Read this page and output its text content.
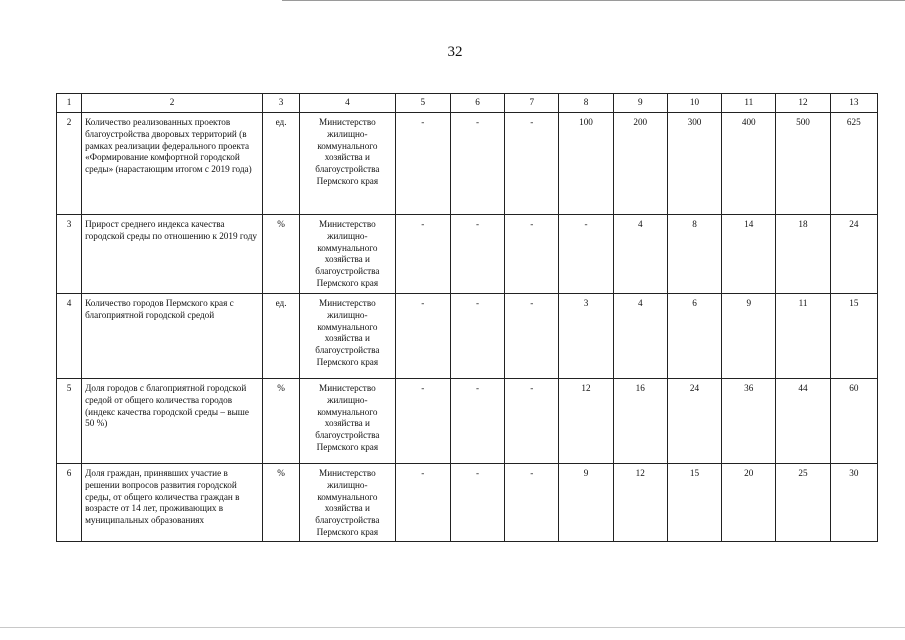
32
1	2	3	4	5	6	7	8	9	10	11	12	13
2	Количество реализованных проектов благоустройства дворовых территорий (в рамках реализации федерального проекта «Формирование комфортной городской среды» (нарастающим итогом с 2019 года)	ед.	Министерство жилищно-коммунального хозяйства и благоустройства Пермского края	-	-	-	100	200	300	400	500	625
3	Прирост среднего индекса качества городской среды по отношению к 2019 году	%	Министерство жилищно-коммунального хозяйства и благоустройства Пермского края	-	-	-	-	4	8	14	18	24
4	Количество городов Пермского края с благоприятной городской средой	ед.	Министерство жилищно-коммунального хозяйства и благоустройства Пермского края	-	-	-	3	4	6	9	11	15
5	Доля городов с благоприятной городской средой от общего количества городов (индекс качества городской среды – выше 50 %)	%	Министерство жилищно-коммунального хозяйства и благоустройства Пермского края	-	-	-	12	16	24	36	44	60
6	Доля граждан, принявших участие в решении вопросов развития городской среды, от общего количества граждан в возрасте от 14 лет, проживающих в муниципальных образованиях	%	Министерство жилищно-коммунального хозяйства и благоустройства Пермского края	-	-	-	9	12	15	20	25	30
